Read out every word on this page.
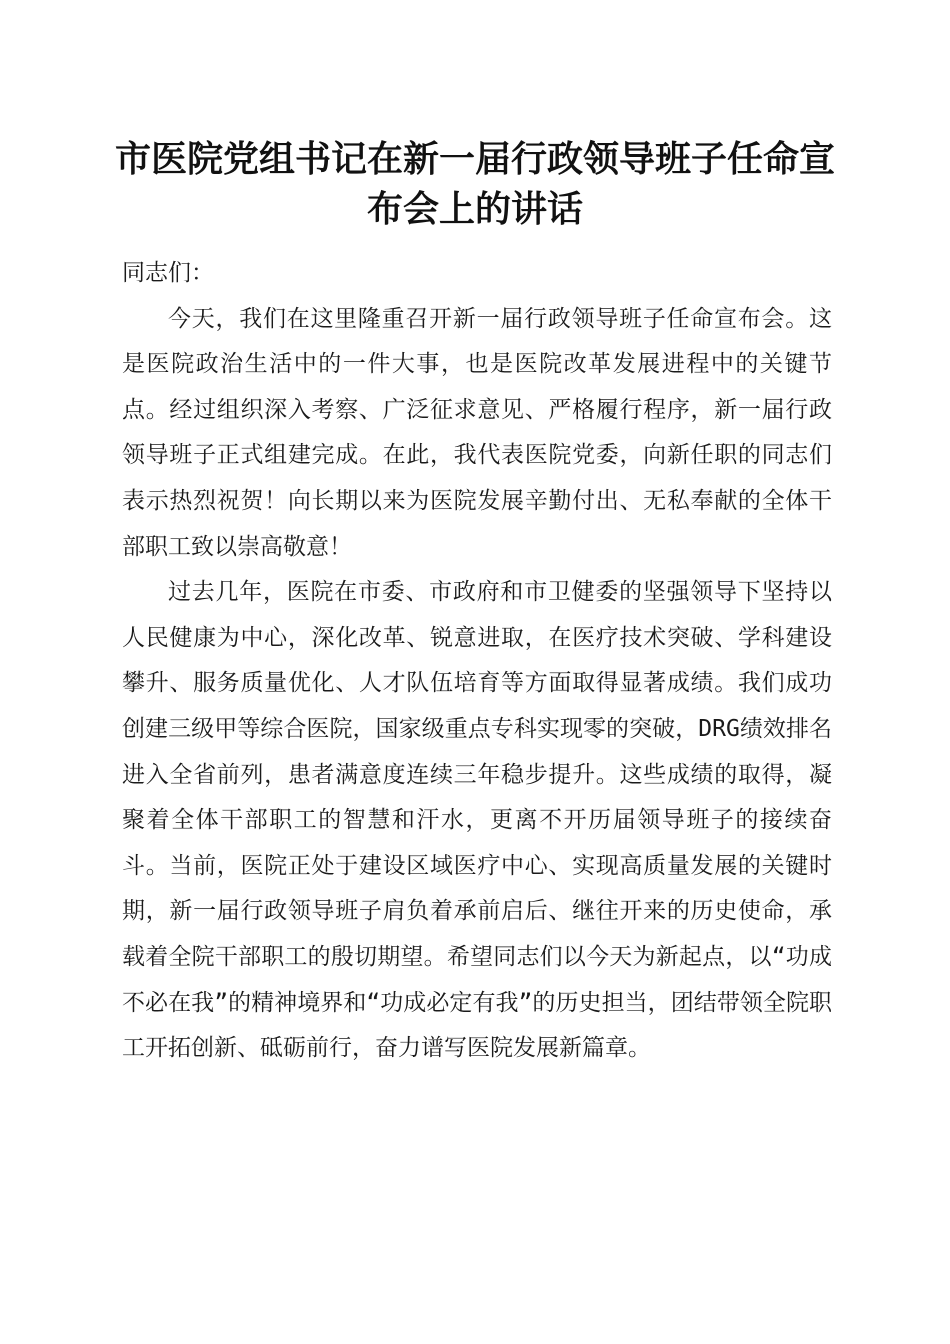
市医院党组书记在新一届行政领导班子任命宣
布会上的讲话

同志们：

今天，我们在这里隆重召开新一届行政领导班子任命宣布会。这是医院政治生活中的一件大事，也是医院改革发展进程中的关键节点。经过组织深入考察、广泛征求意见、严格履行程序，新一届行政领导班子正式组建完成。在此，我代表医院党委，向新任职的同志们表示热烈祝贺！向长期以来为医院发展辛勤付出、无私奉献的全体干部职工致以崇高敬意！

过去几年，医院在市委、市政府和市卫健委的坚强领导下坚持以人民健康为中心，深化改革、锐意进取，在医疗技术突破、学科建设攀升、服务质量优化、人才队伍培育等方面取得显著成绩。我们成功创建三级甲等综合医院，国家级重点专科实现零的突破，DRG绩效排名进入全省前列，患者满意度连续三年稳步提升。这些成绩的取得，凝聚着全体干部职工的智慧和汗水，更离不开历届领导班子的接续奋斗。当前，医院正处于建设区域医疗中心、实现高质量发展的关键时期，新一届行政领导班子肩负着承前启后、继往开来的历史使命，承载着全院干部职工的殷切期望。希望同志们以今天为新起点，以“功成不必在我”的精神境界和“功成必定有我”的历史担当，团结带领全院职工开拓创新、砥砺前行，奋力谱写医院发展新篇章。
